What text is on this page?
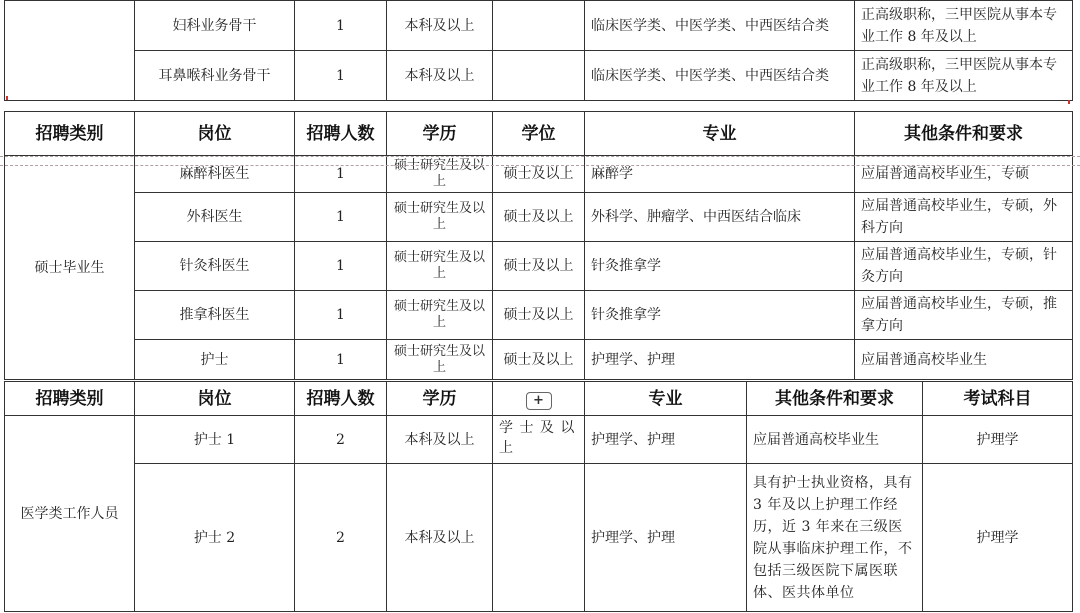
	妇科业务骨干	1	本科及以上		临床医学类、中医学类、中西医结合类	正高级职称，三甲医院从事本专业工作 8 年及以上
	耳鼻喉科业务骨干	1	本科及以上		临床医学类、中医学类、中西医结合类	正高级职称，三甲医院从事本专业工作 8 年及以上
招聘类别	岗位	招聘人数	学历	学位	专业	其他条件和要求
硕士毕业生	麻醉科医生	1	硕士研究生及以上	硕士及以上	麻醉学	应届普通高校毕业生，专硕
	外科医生	1	硕士研究生及以上	硕士及以上	外科学、肿瘤学、中西医结合临床	应届普通高校毕业生，专硕，外科方向
	针灸科医生	1	硕士研究生及以上	硕士及以上	针灸推拿学	应届普通高校毕业生，专硕，针灸方向
	推拿科医生	1	硕士研究生及以上	硕士及以上	针灸推拿学	应届普通高校毕业生，专硕，推拿方向
	护士	1	硕士研究生及以上	硕士及以上	护理学、护理	应届普通高校毕业生
招聘类别	岗位	招聘人数	学历	+	专业	其他条件和要求	考试科目
医学类工作人员	护士 1	2	本科及以上	学 士 及 以上	护理学、护理	应届普通高校毕业生	护理学
	护士 2	2	本科及以上		护理学、护理	具有护士执业资格，具有 3 年及以上护理工作经历，近 3 年来在三级医院从事临床护理工作，不包括三级医院下属医联体、医共体单位	护理学
